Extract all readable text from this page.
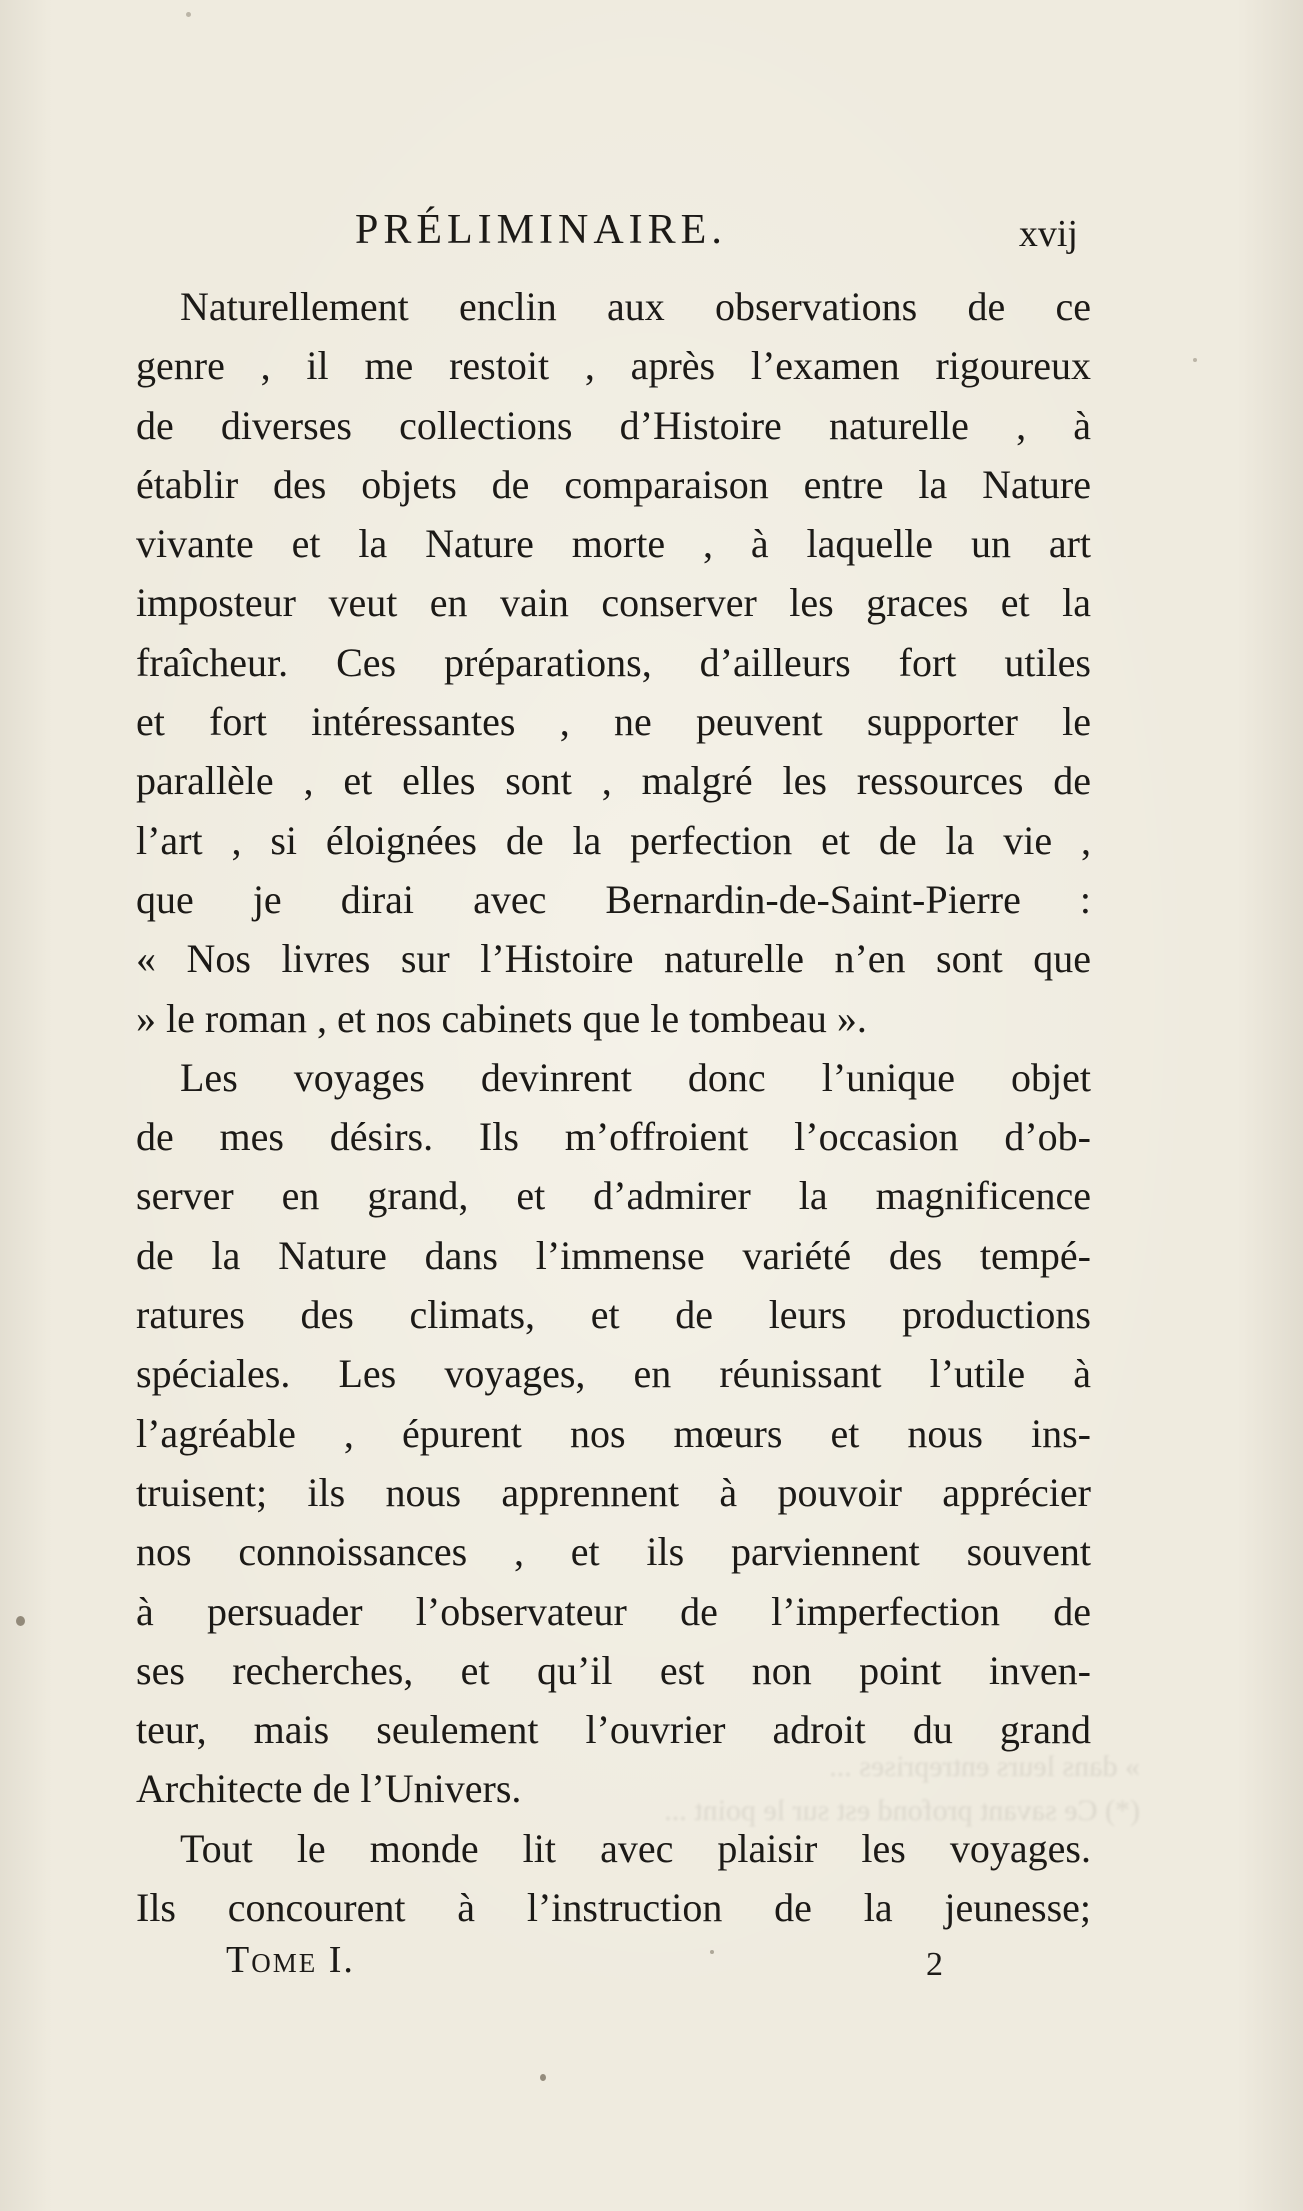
» dans leurs entreprises ...
(*) Ce savant profond est sur le point ...
PRÉLIMINAIRE.	xvij
Naturellement enclin aux observations de ce
genre , il me restoit , après l’examen rigoureux
de diverses collections d’Histoire naturelle , à
établir des objets de comparaison entre la Nature
vivante et la Nature morte , à laquelle un art
imposteur veut en vain conserver les graces et la
fraîcheur. Ces préparations, d’ailleurs fort utiles
et fort intéressantes , ne peuvent supporter le
parallèle , et elles sont , malgré les ressources de
l’art , si éloignées de la perfection et de la vie ,
que je dirai avec Bernardin-de-Saint-Pierre :
« Nos livres sur l’Histoire naturelle n’en sont que
» le roman , et nos cabinets que le tombeau ».
Les voyages devinrent donc l’unique objet
de mes désirs. Ils m’offroient l’occasion d’ob-
server en grand, et d’admirer la magnificence
de la Nature dans l’immense variété des tempé-
ratures des climats, et de leurs productions
spéciales. Les voyages, en réunissant l’utile à
l’agréable , épurent nos mœurs et nous ins-
truisent; ils nous apprennent à pouvoir apprécier
nos connoissances , et ils parviennent souvent
à persuader l’observateur de l’imperfection de
ses recherches, et qu’il est non point inven-
teur, mais seulement l’ouvrier adroit du grand
Architecte de l’Univers.
Tout le monde lit avec plaisir les voyages.
Ils concourent à l’instruction de la jeunesse;
Tome I.	2
